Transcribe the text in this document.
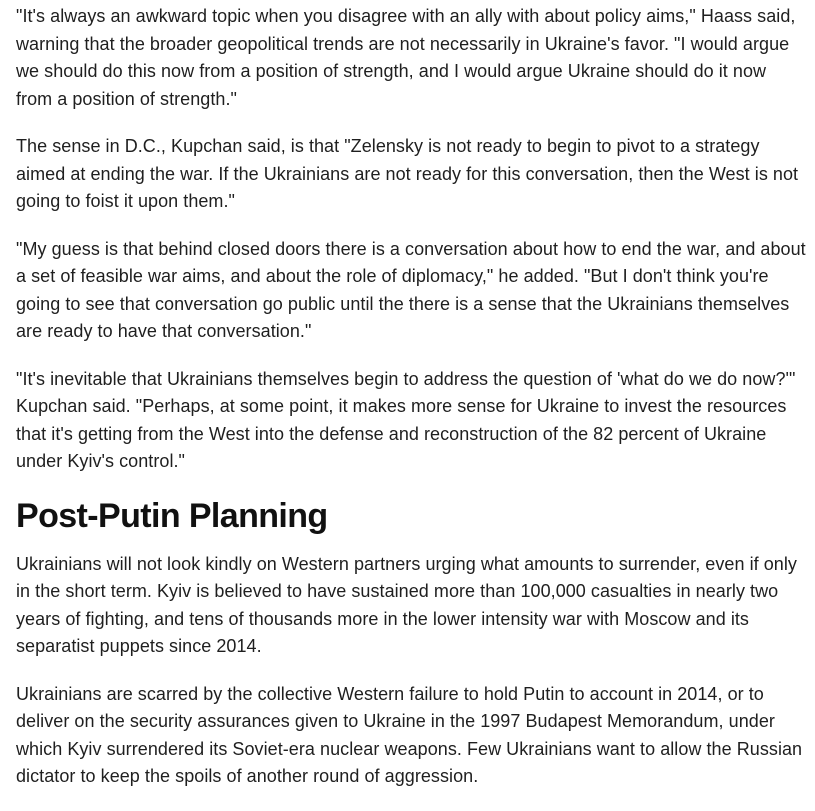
"It's always an awkward topic when you disagree with an ally with about policy aims," Haass said, warning that the broader geopolitical trends are not necessarily in Ukraine's favor. "I would argue we should do this now from a position of strength, and I would argue Ukraine should do it now from a position of strength."

The sense in D.C., Kupchan said, is that "Zelensky is not ready to begin to pivot to a strategy aimed at ending the war. If the Ukrainians are not ready for this conversation, then the West is not going to foist it upon them."

"My guess is that behind closed doors there is a conversation about how to end the war, and about a set of feasible war aims, and about the role of diplomacy," he added. "But I don't think you're going to see that conversation go public until the there is a sense that the Ukrainians themselves are ready to have that conversation."

"It's inevitable that Ukrainians themselves begin to address the question of 'what do we do now?'" Kupchan said. "Perhaps, at some point, it makes more sense for Ukraine to invest the resources that it's getting from the West into the defense and reconstruction of the 82 percent of Ukraine under Kyiv's control."

Post-Putin Planning

Ukrainians will not look kindly on Western partners urging what amounts to surrender, even if only in the short term. Kyiv is believed to have sustained more than 100,000 casualties in nearly two years of fighting, and tens of thousands more in the lower intensity war with Moscow and its separatist puppets since 2014.

Ukrainians are scarred by the collective Western failure to hold Putin to account in 2014, or to deliver on the security assurances given to Ukraine in the 1997 Budapest Memorandum, under which Kyiv surrendered its Soviet-era nuclear weapons. Few Ukrainians want to allow the Russian dictator to keep the spoils of another round of aggression.
